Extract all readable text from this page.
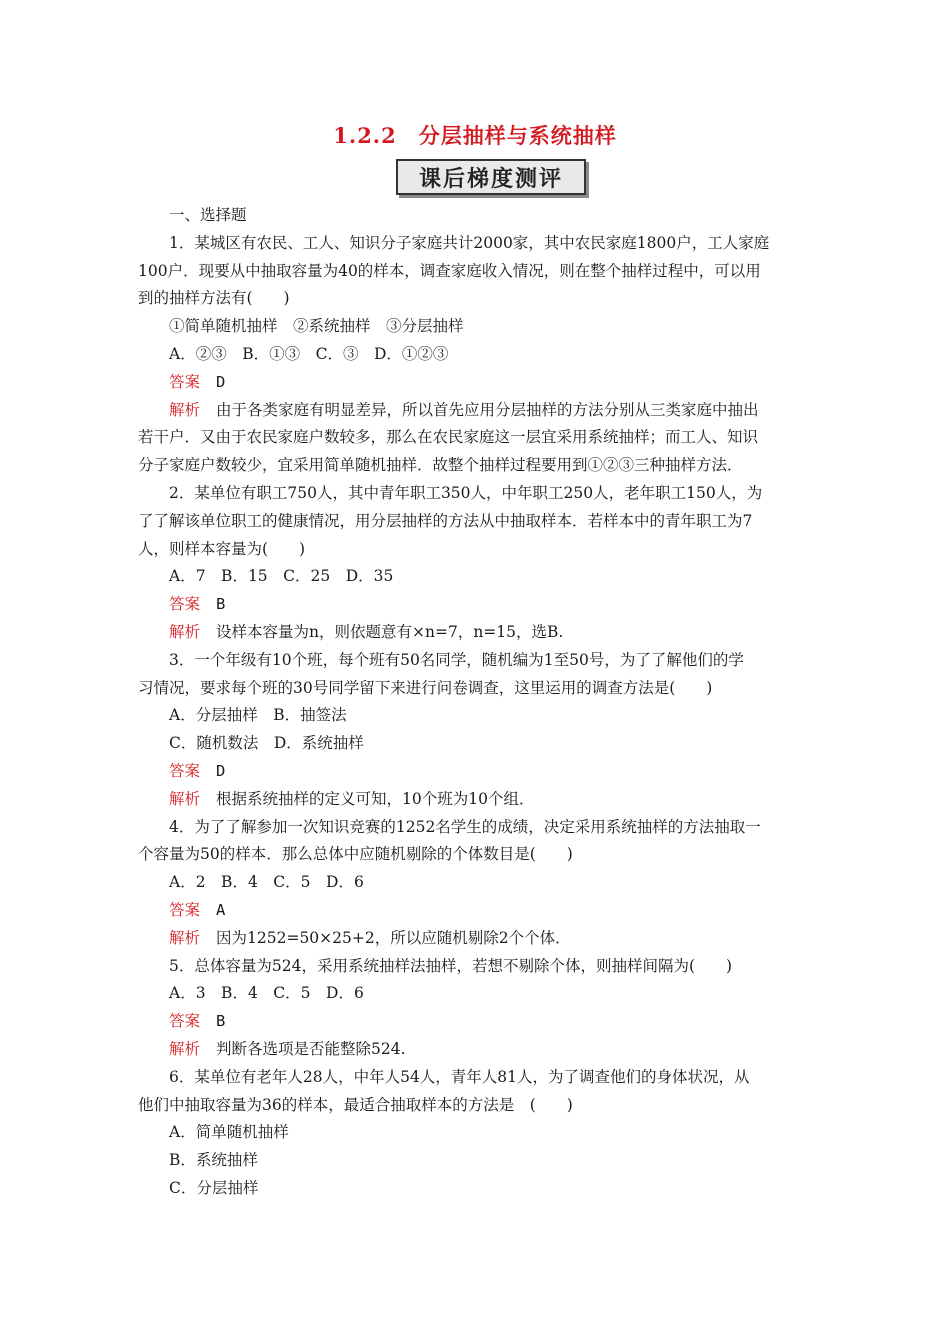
1.2.2　分层抽样与系统抽样
课后梯度测评
一、选择题
1．某城区有农民、工人、知识分子家庭共计2000家，其中农民家庭1800户，工人家庭
100户．现要从中抽取容量为40的样本，调查家庭收入情况，则在整个抽样过程中，可以用
到的抽样方法有(　　)
①简单随机抽样　②系统抽样　③分层抽样
A．②③　B．①③　C．③　D．①②③
答案 D
解析 由于各类家庭有明显差异，所以首先应用分层抽样的方法分别从三类家庭中抽出
若干户．又由于农民家庭户数较多，那么在农民家庭这一层宜采用系统抽样；而工人、知识
分子家庭户数较少，宜采用简单随机抽样．故整个抽样过程要用到①②③三种抽样方法．
2．某单位有职工750人，其中青年职工350人，中年职工250人，老年职工150人，为
了了解该单位职工的健康情况，用分层抽样的方法从中抽取样本．若样本中的青年职工为7
人，则样本容量为(　　)
A．7　B．15　C．25　D．35
答案 B
解析 设样本容量为n，则依题意有×n=7，n=15，选B.
3．一个年级有10个班，每个班有50名同学，随机编为1至50号，为了了解他们的学
习情况，要求每个班的30号同学留下来进行问卷调查，这里运用的调查方法是(　　)
A．分层抽样　B．抽签法
C．随机数法　D．系统抽样
答案 D
解析 根据系统抽样的定义可知，10个班为10个组．
4．为了了解参加一次知识竞赛的1252名学生的成绩，决定采用系统抽样的方法抽取一
个容量为50的样本．那么总体中应随机剔除的个体数目是(　　)
A．2　B．4　C．5　D．6
答案 A
解析 因为1252=50×25+2，所以应随机剔除2个个体．
5．总体容量为524，采用系统抽样法抽样，若想不剔除个体，则抽样间隔为(　　)
A．3　B．4　C．5　D．6
答案 B
解析 判断各选项是否能整除524.
6．某单位有老年人28人，中年人54人，青年人81人，为了调查他们的身体状况，从
他们中抽取容量为36的样本，最适合抽取样本的方法是　(　　)
A．简单随机抽样
B．系统抽样
C．分层抽样
